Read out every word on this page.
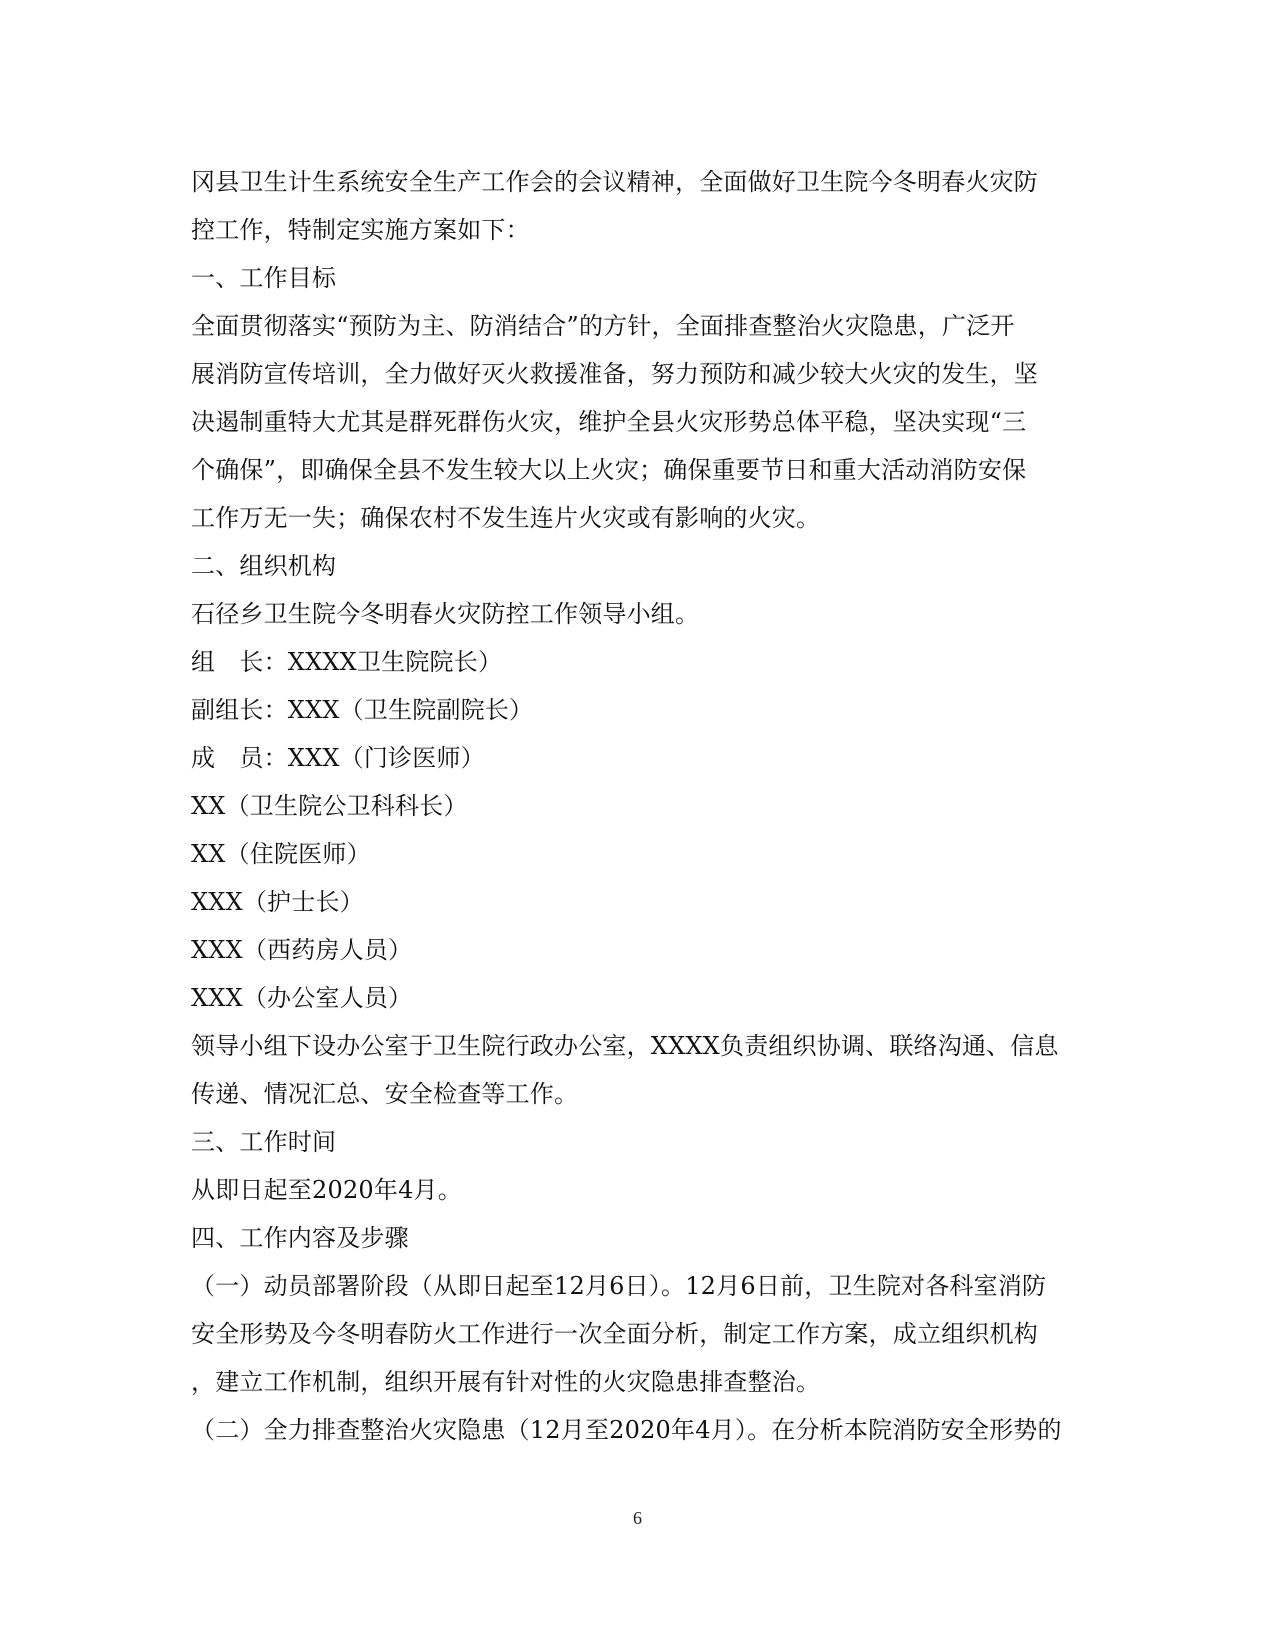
冈县卫生计生系统安全生产工作会的会议精神，全面做好卫生院今冬明春火灾防
控工作，特制定实施方案如下：
一、工作目标
全面贯彻落实“预防为主、防消结合”的方针，全面排查整治火灾隐患，广泛开
展消防宣传培训，全力做好灭火救援准备，努力预防和减少较大火灾的发生，坚
决遏制重特大尤其是群死群伤火灾，维护全县火灾形势总体平稳，坚决实现“三
个确保”，即确保全县不发生较大以上火灾；确保重要节日和重大活动消防安保
工作万无一失；确保农村不发生连片火灾或有影响的火灾。
二、组织机构
石径乡卫生院今冬明春火灾防控工作领导小组。
组　长：XXXX卫生院院长）
副组长：XXX（卫生院副院长）
成　员：XXX（门诊医师）
XX（卫生院公卫科科长）
XX（住院医师）
XXX（护士长）
XXX（西药房人员）
XXX（办公室人员）
领导小组下设办公室于卫生院行政办公室，XXXX负责组织协调、联络沟通、信息
传递、情况汇总、安全检查等工作。
三、工作时间
从即日起至2020年4月。
四、工作内容及步骤
（一）动员部署阶段（从即日起至12月6日）。12月6日前，卫生院对各科室消防
安全形势及今冬明春防火工作进行一次全面分析，制定工作方案，成立组织机构
，建立工作机制，组织开展有针对性的火灾隐患排查整治。
（二）全力排查整治火灾隐患（12月至2020年4月）。在分析本院消防安全形势的
6
